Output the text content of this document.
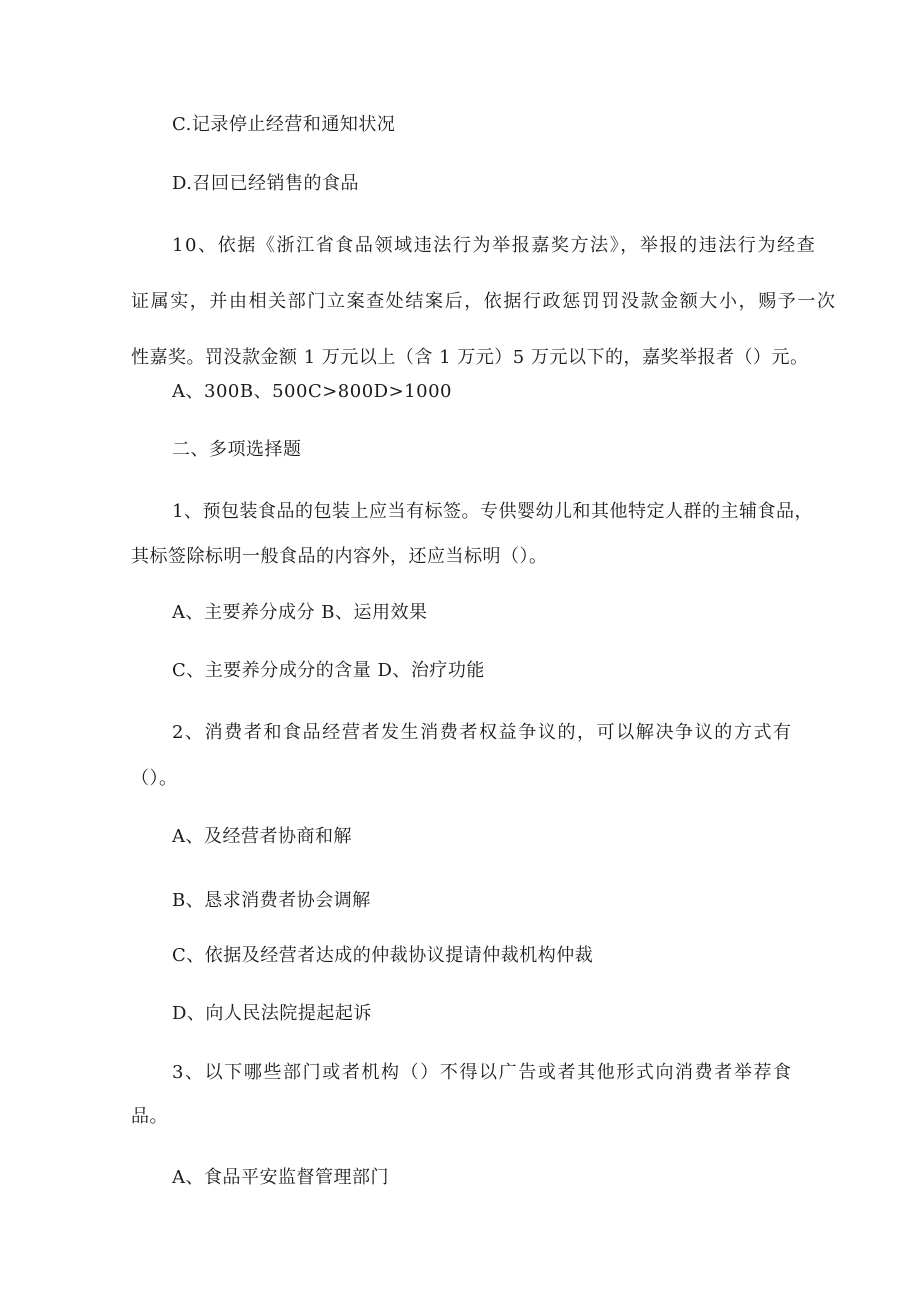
C.记录停止经营和通知状况
D.召回已经销售的食品
10、依据《浙江省食品领域违法行为举报嘉奖方法》，举报的违法行为经查
证属实，并由相关部门立案查处结案后，依据行政惩罚罚没款金额大小，赐予一次
性嘉奖。罚没款金额 1 万元以上（含 1 万元）5 万元以下的，嘉奖举报者（）元。
A、300B、500C>800D>1000
二、多项选择题
1、预包装食品的包装上应当有标签。专供婴幼儿和其他特定人群的主辅食品，
其标签除标明一般食品的内容外，还应当标明（）。
A、主要养分成分 B、运用效果
C、主要养分成分的含量 D、治疗功能
2、消费者和食品经营者发生消费者权益争议的，可以解决争议的方式有
（）。
A、及经营者协商和解
B、恳求消费者协会调解
C、依据及经营者达成的仲裁协议提请仲裁机构仲裁
D、向人民法院提起起诉
3、以下哪些部门或者机构（）不得以广告或者其他形式向消费者举荐食
品。
A、食品平安监督管理部门
